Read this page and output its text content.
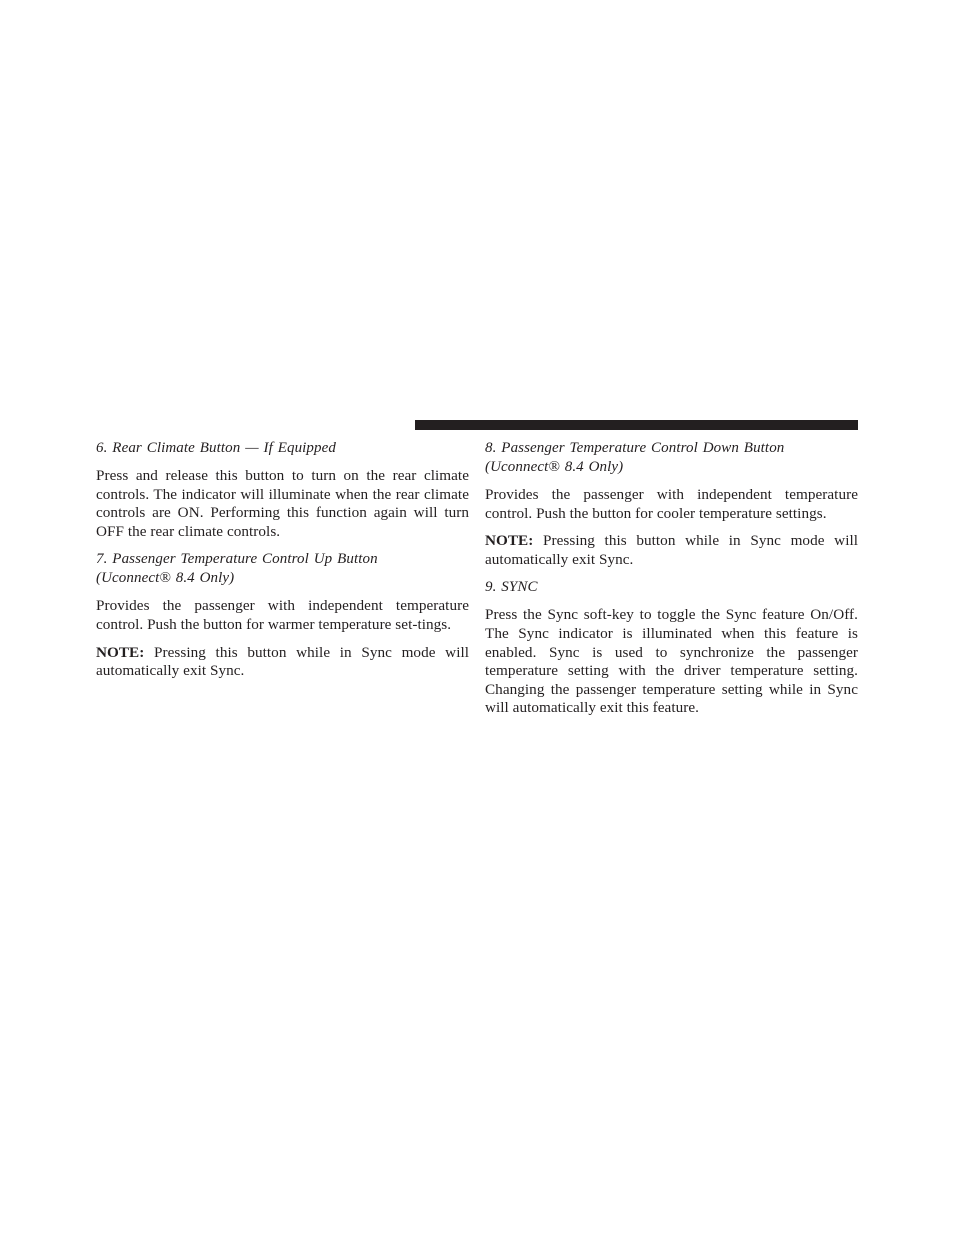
6. Rear Climate Button — If Equipped

Press and release this button to turn on the rear climate controls. The indicator will illuminate when the rear climate controls are ON. Performing this function again will turn OFF the rear climate controls.

7. Passenger Temperature Control Up Button
(Uconnect® 8.4 Only)

Provides the passenger with independent temperature control. Push the button for warmer temperature set-tings.

NOTE: Pressing this button while in Sync mode will automatically exit Sync.

8. Passenger Temperature Control Down Button
(Uconnect® 8.4 Only)

Provides the passenger with independent temperature control. Push the button for cooler temperature settings.

NOTE: Pressing this button while in Sync mode will automatically exit Sync.

9. SYNC

Press the Sync soft-key to toggle the Sync feature On/Off. The Sync indicator is illuminated when this feature is enabled. Sync is used to synchronize the passenger temperature setting with the driver temperature setting. Changing the passenger temperature setting while in Sync will automatically exit this feature.
